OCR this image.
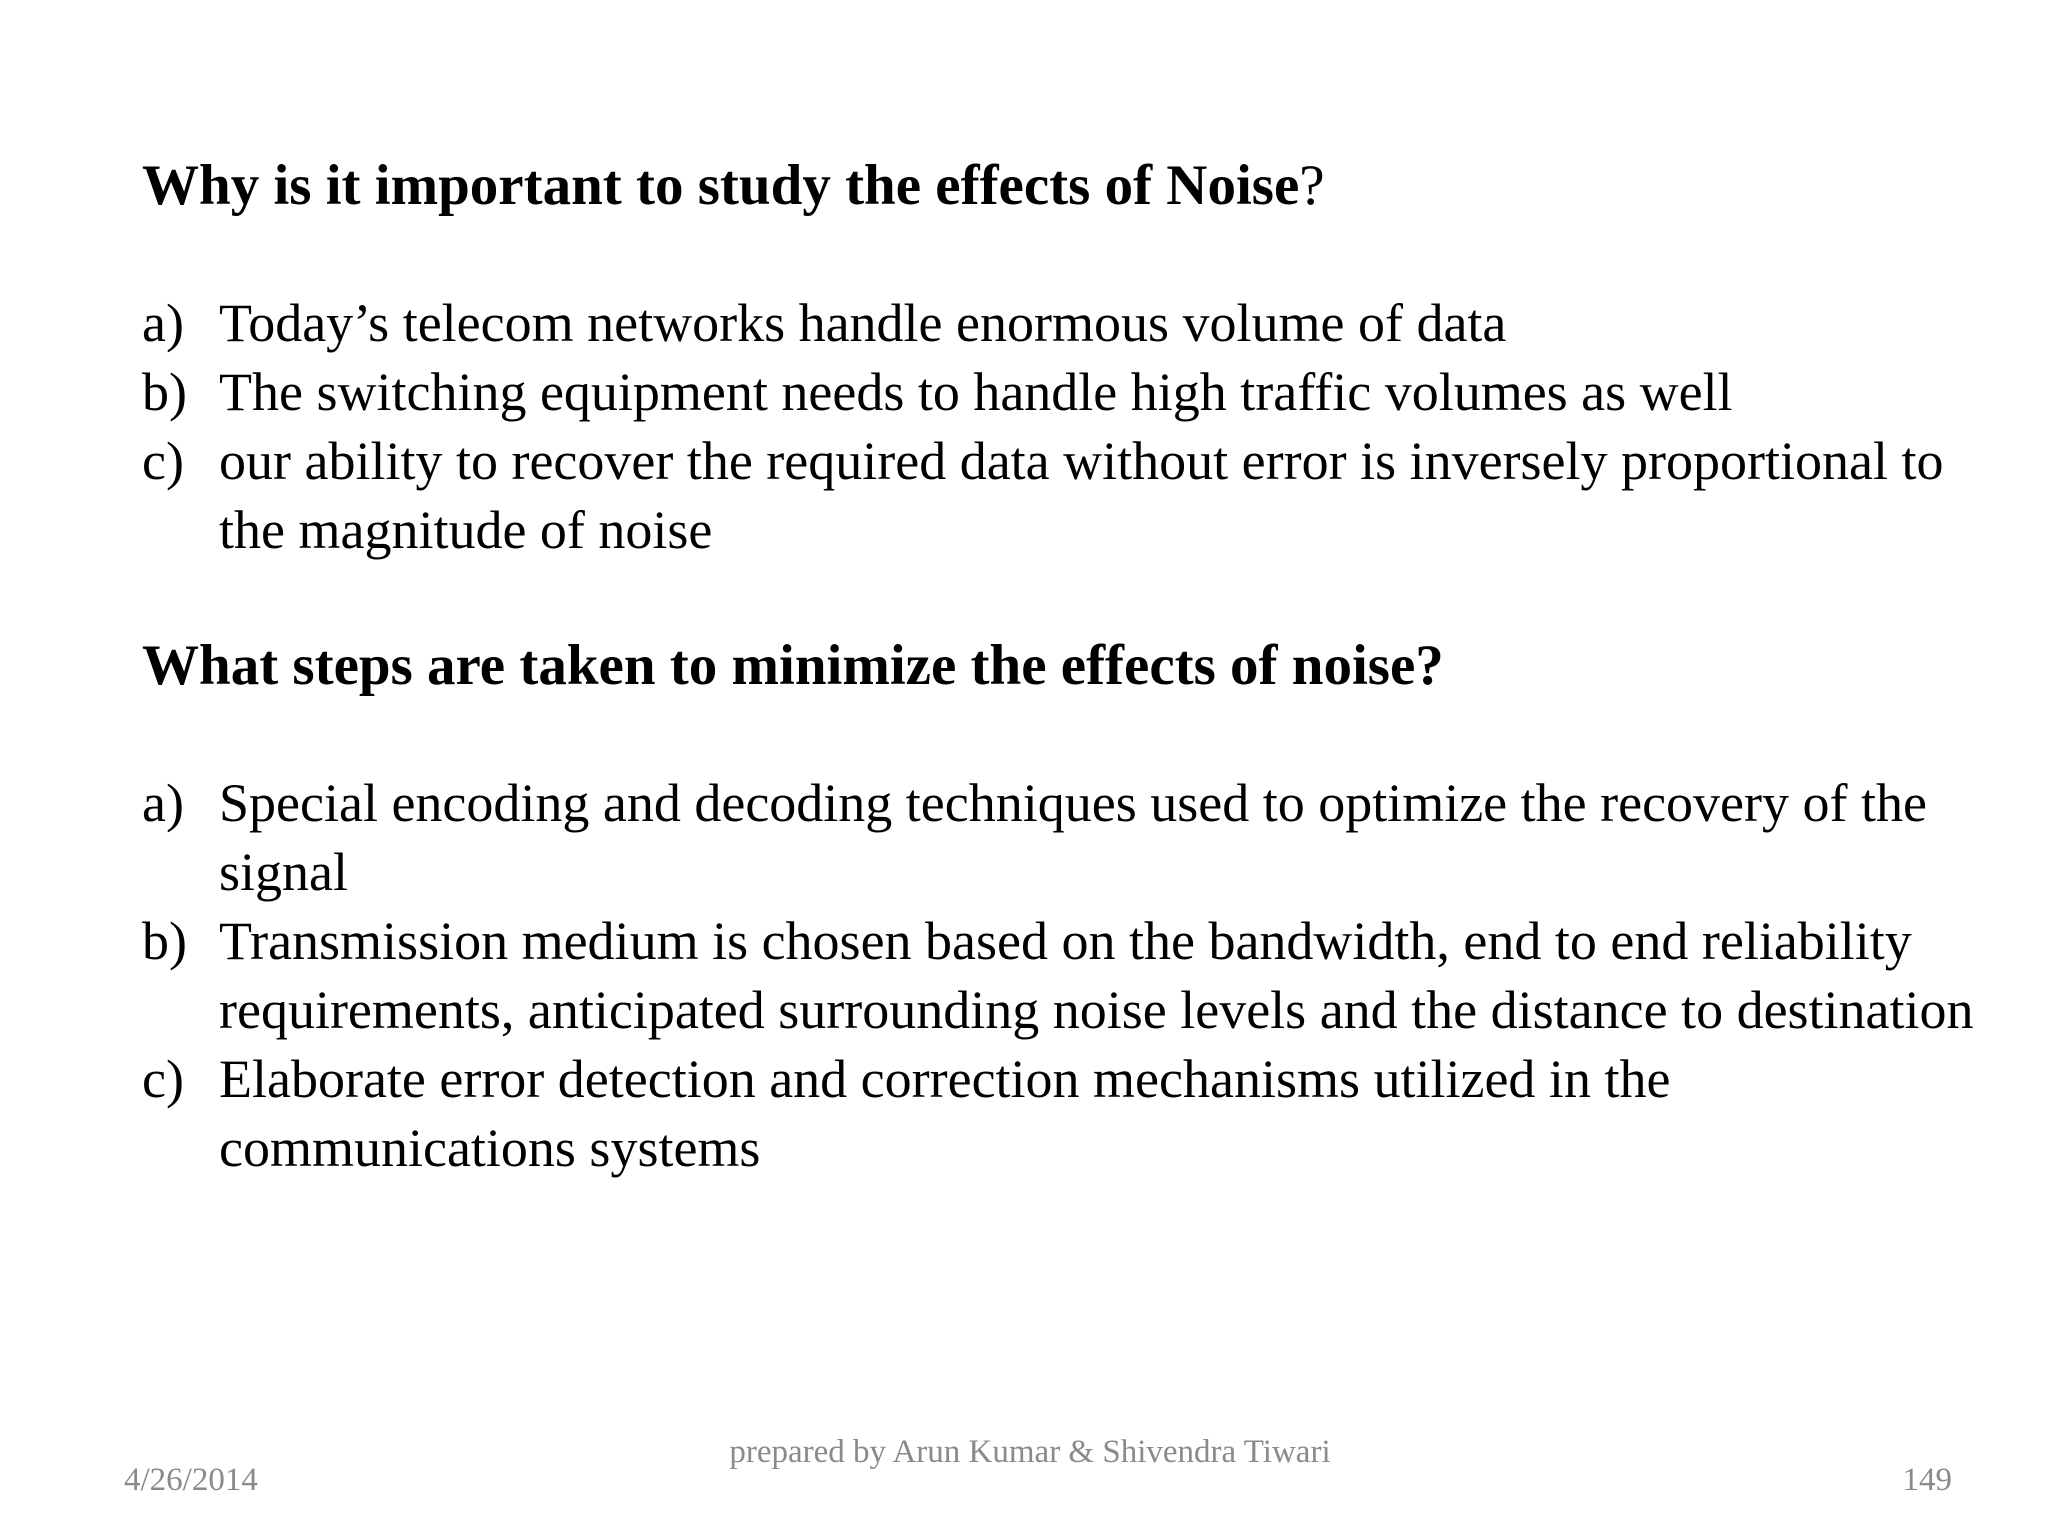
Why is it important to study the effects of Noise?
a) Today’s telecom networks handle enormous volume of data
b) The switching equipment needs to handle high traffic volumes as well
c) our ability to recover the required data without error is inversely proportional to the magnitude of noise
What steps are taken to minimize the effects of noise?
a) Special encoding and decoding techniques used to optimize the recovery of the signal
b) Transmission medium is chosen based on the bandwidth, end to end reliability requirements, anticipated surrounding noise levels and the distance to destination
c) Elaborate error detection and correction mechanisms utilized in the communications systems
4/26/2014
prepared by Arun Kumar & Shivendra Tiwari
149
